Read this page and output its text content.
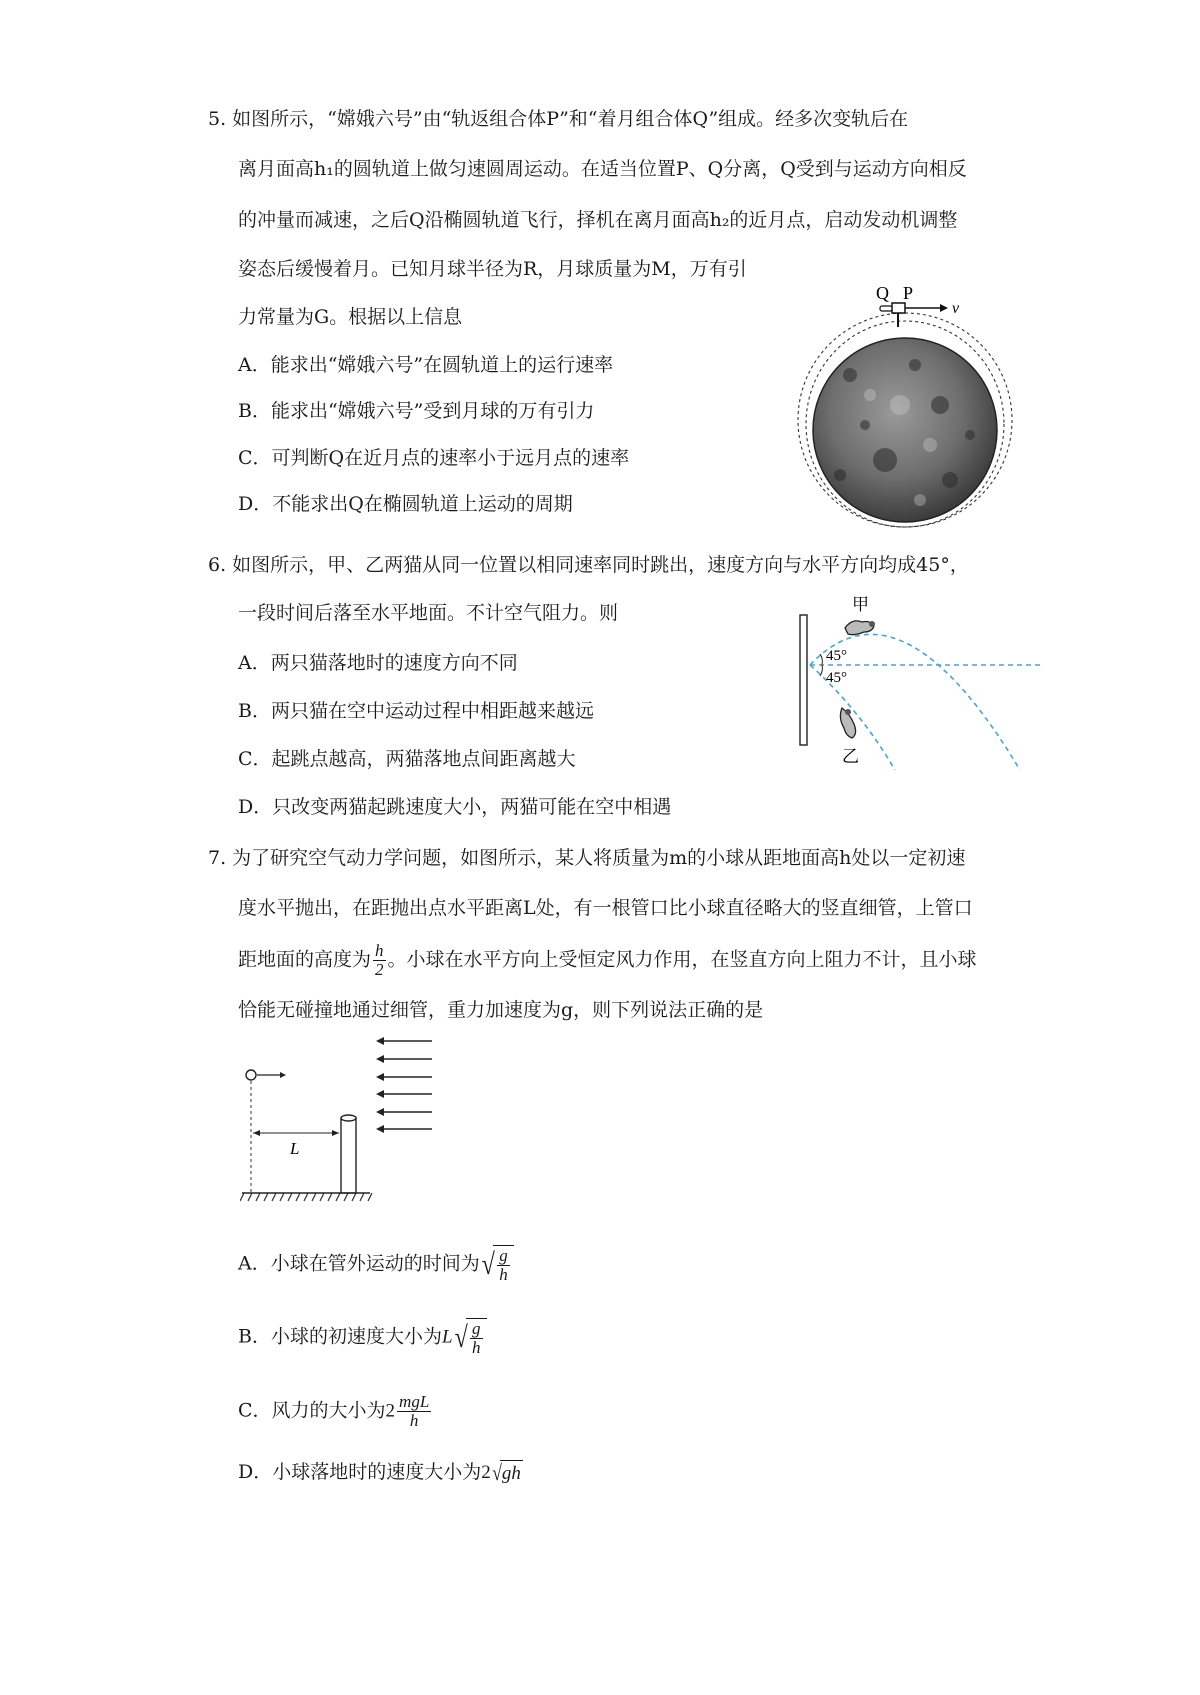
5. 如图所示，“嫦娥六号”由“轨返组合体P”和“着月组合体Q”组成。经多次变轨后在
离月面高h₁的圆轨道上做匀速圆周运动。在适当位置P、Q分离，Q受到与运动方向相反
的冲量而减速，之后Q沿椭圆轨道飞行，择机在离月面高h₂的近月点，启动发动机调整
姿态后缓慢着月。已知月球半径为R，月球质量为M，万有引
力常量为G。根据以上信息
A．能求出“嫦娥六号”在圆轨道上的运行速率
B．能求出“嫦娥六号”受到月球的万有引力
C．可判断Q在近月点的速率小于远月点的速率
D．不能求出Q在椭圆轨道上运动的周期
Q P
v
6. 如图所示，甲、乙两猫从同一位置以相同速率同时跳出，速度方向与水平方向均成45°，
一段时间后落至水平地面。不计空气阻力。则
A．两只猫落地时的速度方向不同
B．两只猫在空中运动过程中相距越来越远
C．起跳点越高，两猫落地点间距离越大
D．只改变两猫起跳速度大小，两猫可能在空中相遇
甲
乙
45°
45°
7. 为了研究空气动力学问题，如图所示，某人将质量为m的小球从距地面高h处以一定初速
度水平抛出，在距抛出点水平距离L处，有一根管口比小球直径略大的竖直细管，上管口
距地面的高度为 $\frac{h}{2}$ 。小球在水平方向上受恒定风力作用，在竖直方向上阻力不计，且小球
恰能无碰撞地通过细管，重力加速度为g，则下列说法正确的是
L
A．小球在管外运动的时间为√ $\frac{g}{h}$
B．小球的初速度大小为$L√ \frac{g}{h}$
C．风力的大小为$2 \frac{\text{mgL}}{h}$
D．小球落地时的速度大小为2√gh
